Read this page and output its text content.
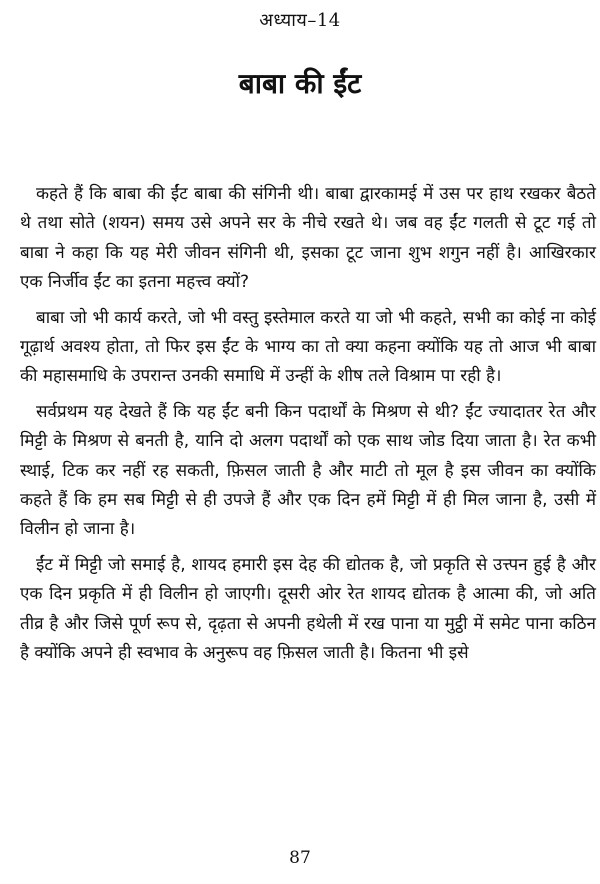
अध्याय–14
बाबा की ईंट

कहते हैं कि बाबा की ईंट बाबा की संगिनी थी। बाबा द्वारकामई में उस पर हाथ रखकर बैठते थे तथा सोते (शयन) समय उसे अपने सर के नीचे रखते थे। जब वह ईंट गलती से टूट गई तो बाबा ने कहा कि यह मेरी जीवन संगिनी थी, इसका टूट जाना शुभ शगुन नहीं है। आखिरकार एक निर्जीव ईंट का इतना महत्त्व क्यों?

बाबा जो भी कार्य करते, जो भी वस्तु इस्तेमाल करते या जो भी कहते, सभी का कोई ना कोई गूढ़ार्थ अवश्य होता, तो फिर इस ईंट के भाग्य का तो क्या कहना क्योंकि यह तो आज भी बाबा की महासमाधि के उपरान्त उनकी समाधि में उन्हीं के शीष तले विश्राम पा रही है।

सर्वप्रथम यह देखते हैं कि यह ईंट बनी किन पदार्थों के मिश्रण से थी? ईंट ज्यादातर रेत और मिट्टी के मिश्रण से बनती है, यानि दो अलग पदार्थों को एक साथ जोड दिया जाता है। रेत कभी स्थाई, टिक कर नहीं रह सकती, फ़िसल जाती है और माटी तो मूल है इस जीवन का क्योंकि कहते हैं कि हम सब मिट्टी से ही उपजे हैं और एक दिन हमें मिट्टी में ही मिल जाना है, उसी में विलीन हो जाना है।

ईंट में मिट्टी जो समाई है, शायद हमारी इस देह की द्योतक है, जो प्रकृति से उत्त्पन हुई है और एक दिन प्रकृति में ही विलीन हो जाएगी। दूसरी ओर रेत शायद द्योतक है आत्मा की, जो अति तीव्र है और जिसे पूर्ण रूप से, दृढ़ता से अपनी हथेली में रख पाना या मुट्ठी में समेट पाना कठिन है क्योंकि अपने ही स्वभाव के अनुरूप वह फ़िसल जाती है। कितना भी इसे

87
